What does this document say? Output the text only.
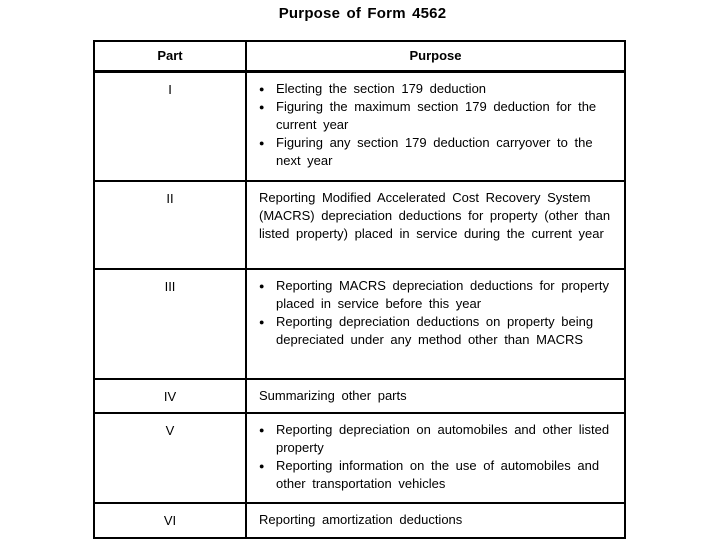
Purpose of Form 4562
Part	Purpose
I	● Electing the section 179 deduction
● Figuring the maximum section 179 deduction for the current year
● Figuring any section 179 deduction carryover to the next year

II	Reporting Modified Accelerated Cost Recovery System (MACRS) depreciation deductions for property (other than listed property) placed in service during the current year

III	● Reporting MACRS depreciation deductions for property placed in service before this year
● Reporting depreciation deductions on property being depreciated under any method other than MACRS

IV	Summarizing other parts

V	● Reporting depreciation on automobiles and other listed property
● Reporting information on the use of automobiles and other transportation vehicles

VI	Reporting amortization deductions
